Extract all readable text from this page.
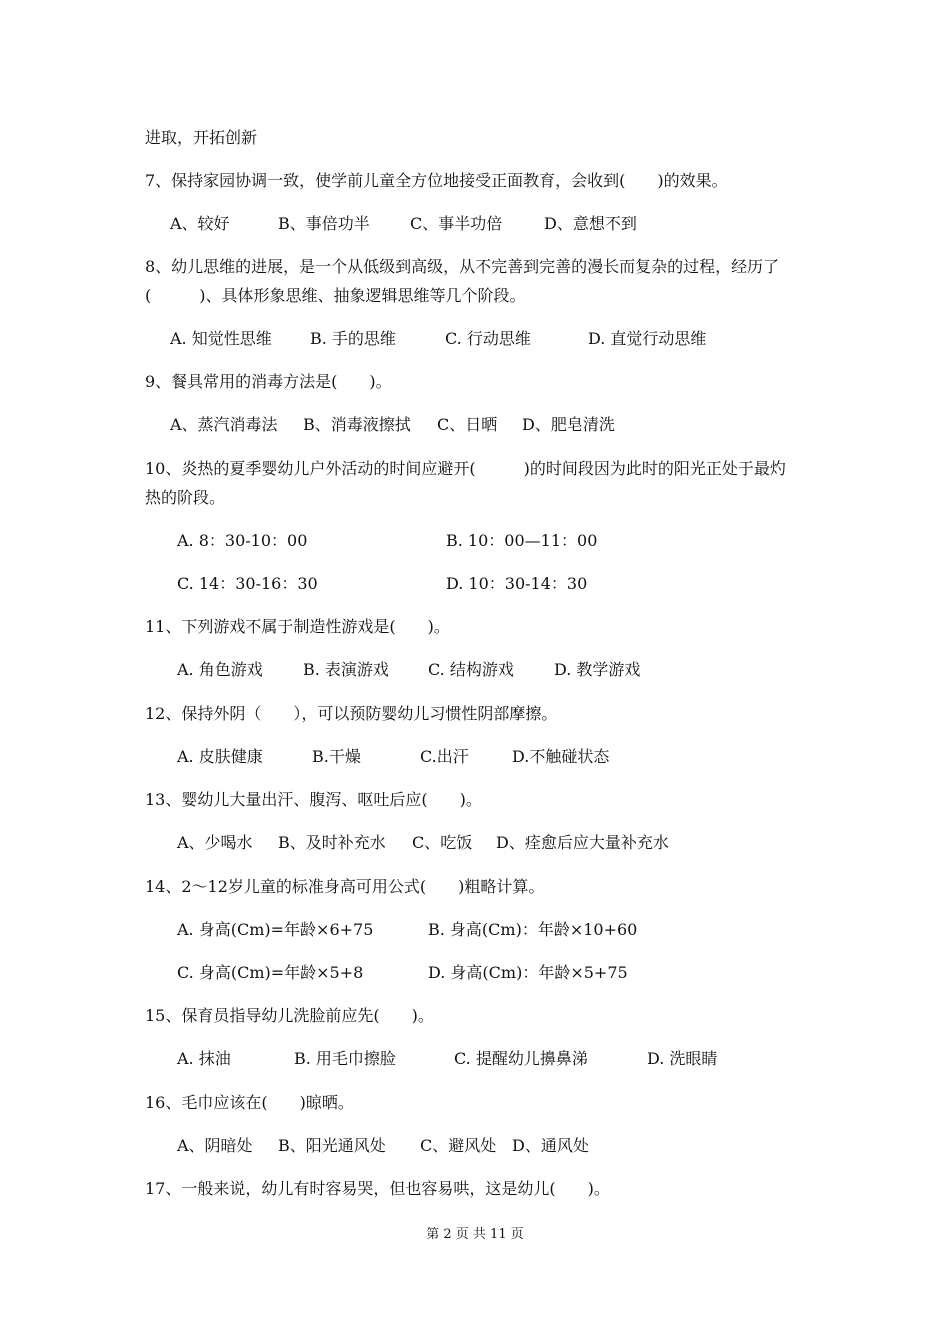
进取，开拓创新
7、保持家园协调一致，使学前儿童全方位地接受正面教育，会收到(　　)的效果。
A、较好	B、事倍功半	C、事半功倍	D、意想不到
8、幼儿思维的进展，是一个从低级到高级，从不完善到完善的漫长而复杂的过程，经历了
(　　　)、具体形象思维、抽象逻辑思维等几个阶段。
A. 知觉性思维 B. 手的思维	C. 行动思维	D. 直觉行动思维
9、餐具常用的消毒方法是(　　)。
A、蒸汽消毒法 B、消毒液擦拭 C、日晒 D、肥皂清洗
10、炎热的夏季婴幼儿户外活动的时间应避开(　　　)的时间段因为此时的阳光正处于最灼
热的阶段。
A. 8：30-10：00	B. 10：00—11：00
C. 14：30-16：30	D. 10：30-14：30
11、下列游戏不属于制造性游戏是(　　)。
A. 角色游戏	B. 表演游戏 C. 结构游戏	D. 教学游戏
12、保持外阴（　　），可以预防婴幼儿习惯性阴部摩擦。
A. 皮肤健康	B.干燥	C.出汗	D.不触碰状态
13、婴幼儿大量出汗、腹泻、呕吐后应(　　)。
A、少喝水 B、及时补充水 C、吃饭 D、痊愈后应大量补充水
14、2～12岁儿童的标准身高可用公式(　　)粗略计算。
A. 身高(Cm)=年龄×6+75	B. 身高(Cm)：年龄×10+60
C. 身高(Cm)=年龄×5+8	D. 身高(Cm)：年龄×5+75
15、保育员指导幼儿洗脸前应先(　　)。
A. 抹油	B. 用毛巾擦脸	C. 提醒幼儿擤鼻涕	D. 洗眼睛
16、毛巾应该在(　　)晾晒。
A、阴暗处 B、阳光通风处 C、避风处 D、通风处
17、一般来说，幼儿有时容易哭，但也容易哄，这是幼儿(　　)。
第 2 页 共 11 页
